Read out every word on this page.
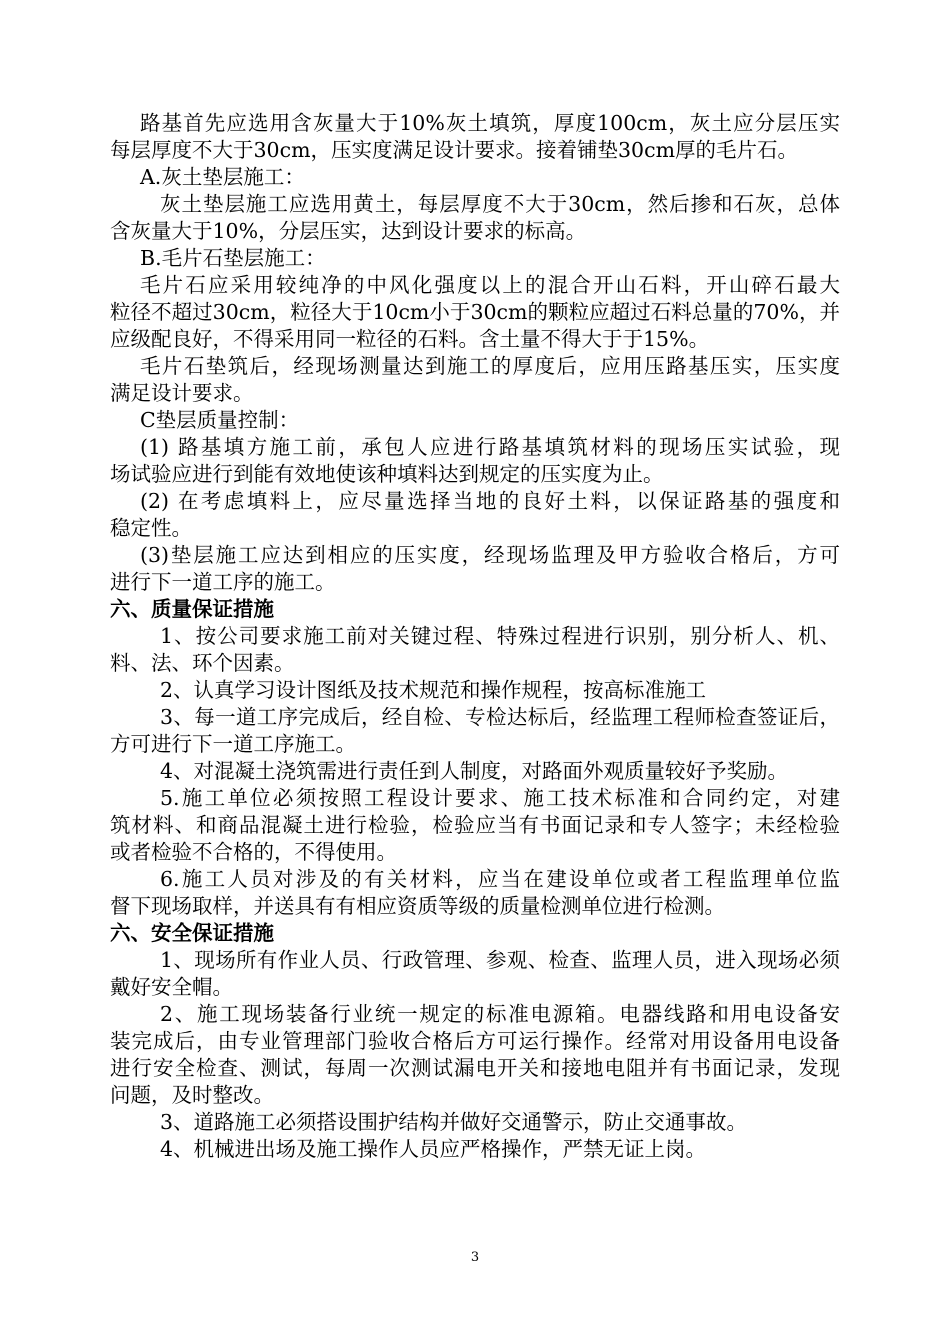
路基首先应选用含灰量大于10%灰土填筑，厚度100cm，灰土应分层压实
每层厚度不大于30cm，压实度满足设计要求。接着铺垫30cm厚的毛片石。
A.灰土垫层施工：
灰土垫层施工应选用黄土，每层厚度不大于30cm，然后掺和石灰，总体
含灰量大于10%，分层压实，达到设计要求的标高。
B.毛片石垫层施工：
毛片石应采用较纯净的中风化强度以上的混合开山石料，开山碎石最大
粒径不超过30cm，粒径大于10cm小于30cm的颗粒应超过石料总量的70%，并
应级配良好，不得采用同一粒径的石料。含土量不得大于于15%。
毛片石垫筑后，经现场测量达到施工的厚度后，应用压路基压实，压实度
满足设计要求。
C垫层质量控制：
(1) 路基填方施工前，承包人应进行路基填筑材料的现场压实试验，现
场试验应进行到能有效地使该种填料达到规定的压实度为止。
(2) 在考虑填料上，应尽量选择当地的良好土料，以保证路基的强度和
稳定性。
(3)垫层施工应达到相应的压实度，经现场监理及甲方验收合格后，方可
进行下一道工序的施工。
六、质量保证措施
1、按公司要求施工前对关键过程、特殊过程进行识别，别分析人、机、
料、法、环个因素。
2、认真学习设计图纸及技术规范和操作规程，按高标准施工
3、每一道工序完成后，经自检、专检达标后，经监理工程师检查签证后，
方可进行下一道工序施工。
4、对混凝土浇筑需进行责任到人制度，对路面外观质量较好予奖励。
5.施工单位必须按照工程设计要求、施工技术标准和合同约定，对建
筑材料、和商品混凝土进行检验，检验应当有书面记录和专人签字；未经检验
或者检验不合格的，不得使用。
6.施工人员对涉及的有关材料，应当在建设单位或者工程监理单位监
督下现场取样，并送具有有相应资质等级的质量检测单位进行检测。
六、安全保证措施
1、现场所有作业人员、行政管理、参观、检查、监理人员，进入现场必须
戴好安全帽。
2、施工现场装备行业统一规定的标准电源箱。电器线路和用电设备安
装完成后，由专业管理部门验收合格后方可运行操作。经常对用设备用电设备
进行安全检查、测试，每周一次测试漏电开关和接地电阻并有书面记录，发现
问题，及时整改。
3、道路施工必须搭设围护结构并做好交通警示，防止交通事故。
4、机械进出场及施工操作人员应严格操作，严禁无证上岗。
3
